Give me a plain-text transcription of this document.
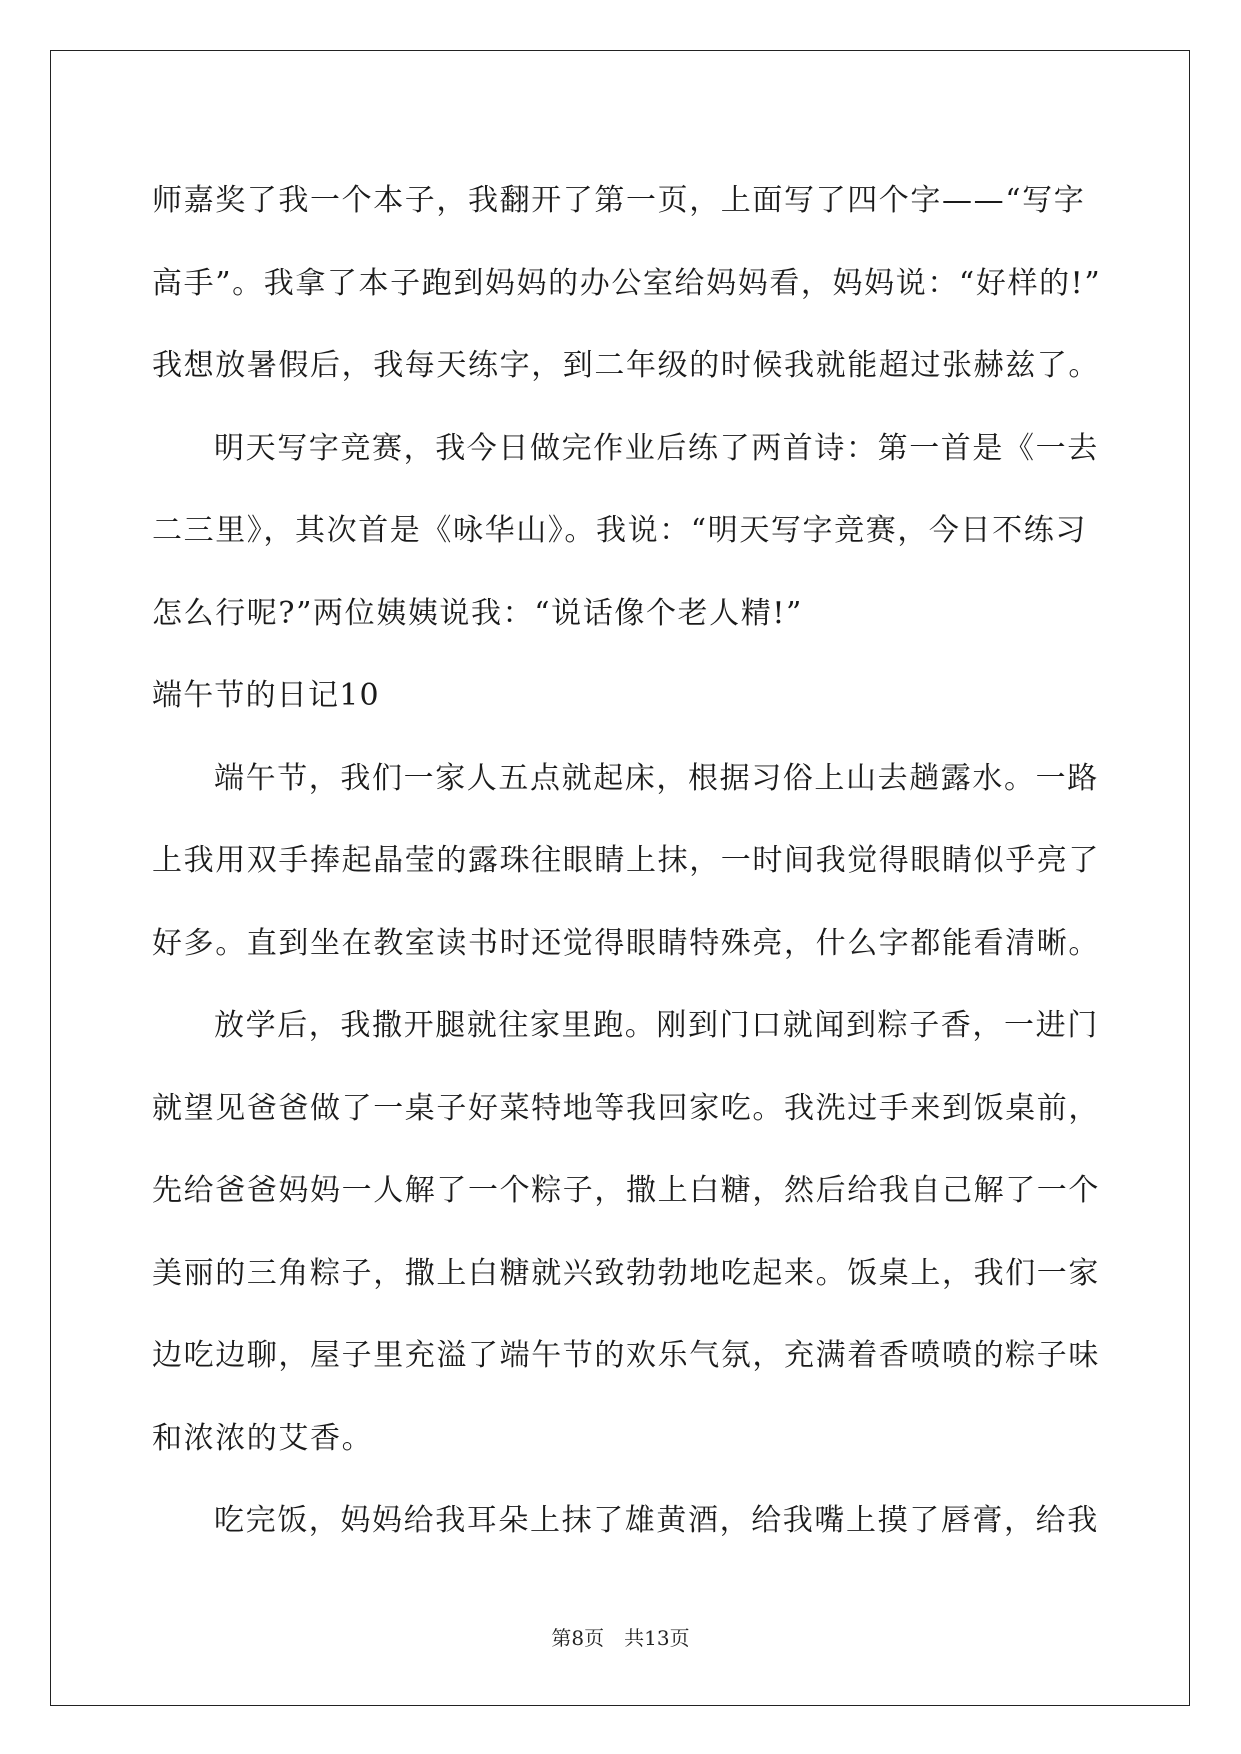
师嘉奖了我一个本子，我翻开了第一页，上面写了四个字——“写字
高手”。我拿了本子跑到妈妈的办公室给妈妈看，妈妈说：“好样的!”
我想放暑假后，我每天练字，到二年级的时候我就能超过张赫兹了。
明天写字竞赛，我今日做完作业后练了两首诗：第一首是《一去
二三里》，其次首是《咏华山》。我说：“明天写字竞赛，今日不练习
怎么行呢?”两位姨姨说我：“说话像个老人精!”
端午节的日记10
端午节，我们一家人五点就起床，根据习俗上山去趟露水。一路
上我用双手捧起晶莹的露珠往眼睛上抹，一时间我觉得眼睛似乎亮了
好多。直到坐在教室读书时还觉得眼睛特殊亮，什么字都能看清晰。
放学后，我撒开腿就往家里跑。刚到门口就闻到粽子香，一进门
就望见爸爸做了一桌子好菜特地等我回家吃。我洗过手来到饭桌前，
先给爸爸妈妈一人解了一个粽子，撒上白糖，然后给我自己解了一个
美丽的三角粽子，撒上白糖就兴致勃勃地吃起来。饭桌上，我们一家
边吃边聊，屋子里充溢了端午节的欢乐气氛，充满着香喷喷的粽子味
和浓浓的艾香。
吃完饭，妈妈给我耳朵上抹了雄黄酒，给我嘴上摸了唇膏，给我
第8页　共13页
